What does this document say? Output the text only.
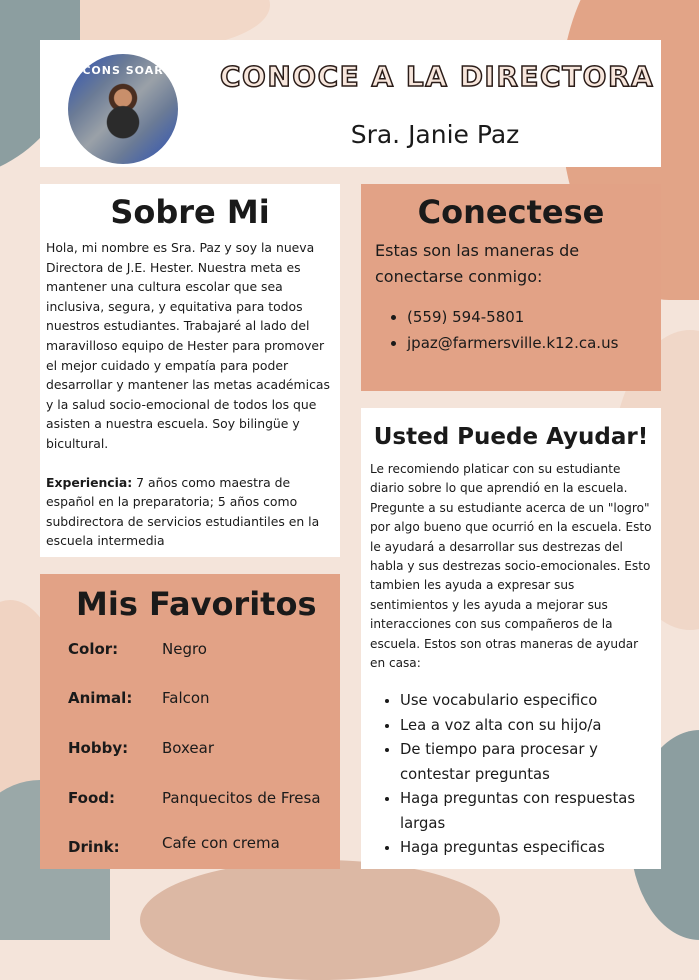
CONS SOAR	CONOCE A LA DIRECTORA
Sra. Janie Paz
Sobre Mi
Hola, mi nombre es Sra. Paz y soy la nueva Directora de J.E. Hester. Nuestra meta es mantener una cultura escolar que sea inclusiva, segura, y equitativa para todos nuestros estudiantes. Trabajaré al lado del maravilloso equipo de Hester para promover el mejor cuidado y empatía para poder desarrollar y mantener las metas académicas y la salud socio-emocional de todos los que asisten a nuestra escuela. Soy bilingüe y bicultural.
Experiencia: 7 años como maestra de español en la preparatoria; 5 años como subdirectora de servicios estudiantiles en la escuela intermedia
Mis Favoritos
Color:	Negro
Animal: Falcon
Hobby: Boxear
Food:	Panquecitos de Fresa
Drink:	Cafe con crema
Conectese
Estas son las maneras de conectarse conmigo:
• (559) 594-5801
• jpaz@farmersville.k12.ca.us
Usted Puede Ayudar!
Le recomiendo platicar con su estudiante diario sobre lo que aprendió en la escuela. Pregunte a su estudiante acerca de un "logro" por algo bueno que ocurrió en la escuela. Esto le ayudará a desarrollar sus destrezas del habla y sus destrezas socio-emocionales. Esto tambien les ayuda a expresar sus sentimientos y les ayuda a mejorar sus interacciones con sus compañeros de la escuela. Estos son otras maneras de ayudar en casa:
• Use vocabulario especifico
• Lea a voz alta con su hijo/a
• De tiempo para procesar y contestar preguntas
• Haga preguntas con respuestas largas
• Haga preguntas especificas
